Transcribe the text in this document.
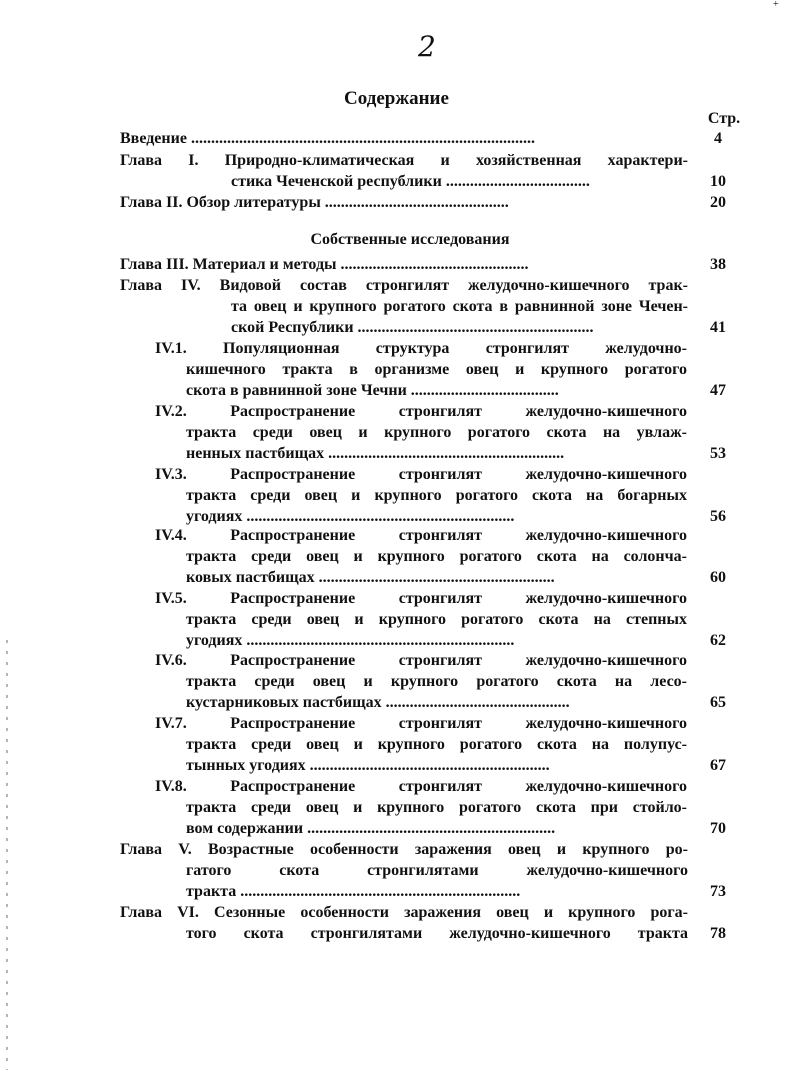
+
2
Содержание
Стр.
Введение ......................................................................................	4
Глава I. Природно-климатическая и хозяйственная характери-
стика Чеченской республики ....................................	10
Глава II. Обзор литературы ..............................................	20
Собственные исследования
Глава III. Материал и методы ...............................................	38
Глава IV. Видовой состав стронгилят желудочно-кишечного трак-
та овец и крупного рогатого скота в равнинной зоне Чечен-
ской Республики ...........................................................	41
IV.1. Популяционная структура стронгилят желудочно-
кишечного тракта в организме овец и крупного рогатого
скота в равнинной зоне Чечни .....................................	47
IV.2. Распространение стронгилят желудочно-кишечного
тракта среди овец и крупного рогатого скота на увлаж-
ненных пастбищах ...........................................................	53
IV.3. Распространение стронгилят желудочно-кишечного
тракта среди овец и крупного рогатого скота на богарных
угодиях ...................................................................	56
IV.4. Распространение стронгилят желудочно-кишечного
тракта среди овец и крупного рогатого скота на солонча-
ковых пастбищах ...........................................................	60
IV.5. Распространение стронгилят желудочно-кишечного
тракта среди овец и крупного рогатого скота на степных
угодиях ...................................................................	62
IV.6. Распространение стронгилят желудочно-кишечного
тракта среди овец и крупного рогатого скота на лесо-
кустарниковых пастбищах ..............................................	65
IV.7. Распространение стронгилят желудочно-кишечного
тракта среди овец и крупного рогатого скота на полупус-
тынных угодиях ............................................................	67
IV.8. Распространение стронгилят желудочно-кишечного
тракта среди овец и крупного рогатого скота при стойло-
вом содержании ..............................................................	70
Глава V. Возрастные особенности заражения овец и крупного ро-
гатого скота стронгилятами желудочно-кишечного
тракта ......................................................................	73
Глава VI. Сезонные особенности заражения овец и крупного рога-
того скота стронгилятами желудочно-кишечного тракта	78
